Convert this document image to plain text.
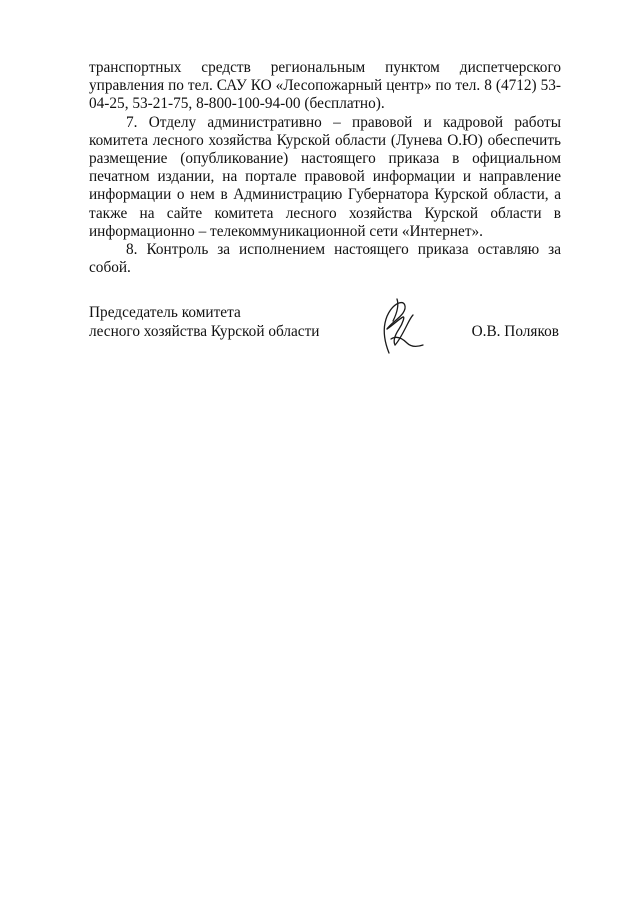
транспортных средств региональным пунктом диспетчерского управления по тел. САУ КО «Лесопожарный центр» по тел. 8 (4712) 53-04-25, 53-21-75, 8-800-100-94-00 (бесплатно).

7. Отделу административно – правовой и кадровой работы комитета лесного хозяйства Курской области (Лунева О.Ю) обеспечить размещение (опубликование) настоящего приказа в официальном печатном издании, на портале правовой информации и направление информации о нем в Администрацию Губернатора Курской области, а также на сайте комитета лесного хозяйства Курской области в информационно – телекоммуникационной сети «Интернет».

8. Контроль за исполнением настоящего приказа оставляю за собой.

Председатель комитета
лесного хозяйства Курской области	О.В. Поляков
